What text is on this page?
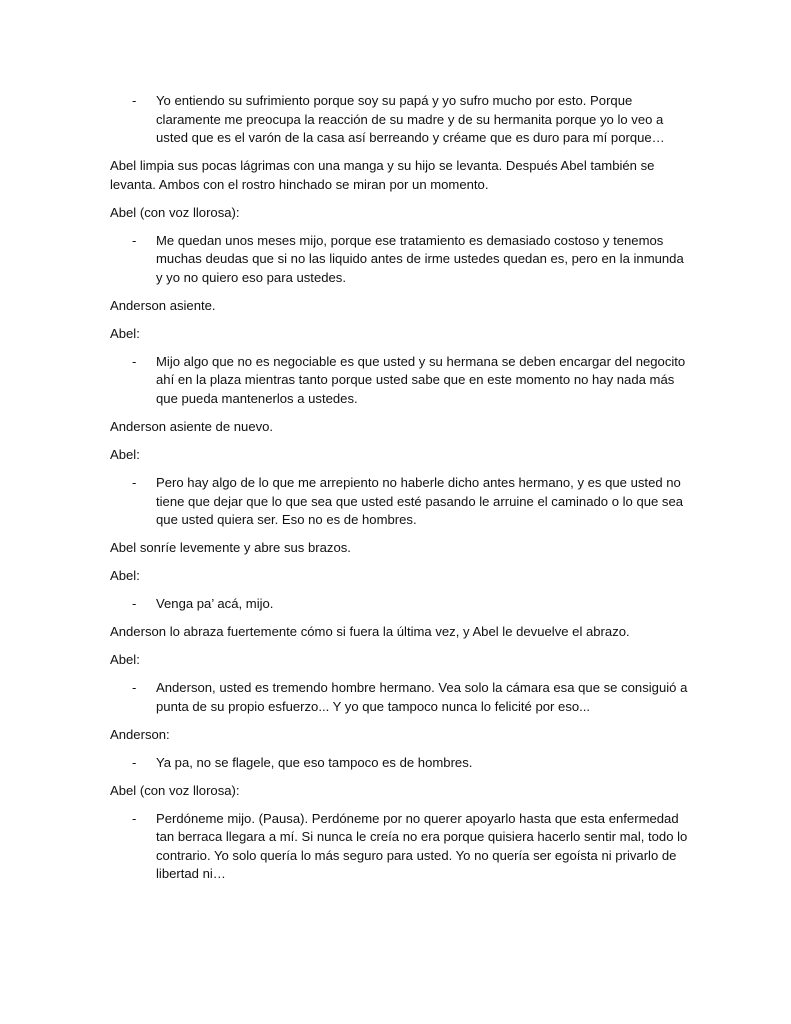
- Yo entiendo su sufrimiento porque soy su papá y yo sufro mucho por esto. Porque claramente me preocupa la reacción de su madre y de su hermanita porque yo lo veo a usted que es el varón de la casa así berreando y créame que es duro para mí porque…

Abel limpia sus pocas lágrimas con una manga y su hijo se levanta. Después Abel también se levanta. Ambos con el rostro hinchado se miran por un momento.

Abel (con voz llorosa):

- Me quedan unos meses mijo, porque ese tratamiento es demasiado costoso y tenemos muchas deudas que si no las liquido antes de irme ustedes quedan es, pero en la inmunda y yo no quiero eso para ustedes.

Anderson asiente.

Abel:

- Mijo algo que no es negociable es que usted y su hermana se deben encargar del negocito ahí en la plaza mientras tanto porque usted sabe que en este momento no hay nada más que pueda mantenerlos a ustedes.

Anderson asiente de nuevo.

Abel:

- Pero hay algo de lo que me arrepiento no haberle dicho antes hermano, y es que usted no tiene que dejar que lo que sea que usted esté pasando le arruine el caminado o lo que sea que usted quiera ser. Eso no es de hombres.

Abel sonríe levemente y abre sus brazos.

Abel:

- Venga pa’ acá, mijo.

Anderson lo abraza fuertemente cómo si fuera la última vez, y Abel le devuelve el abrazo.

Abel:

- Anderson, usted es tremendo hombre hermano. Vea solo la cámara esa que se consiguió a punta de su propio esfuerzo... Y yo que tampoco nunca lo felicité por eso...

Anderson:

- Ya pa, no se flagele, que eso tampoco es de hombres.

Abel (con voz llorosa):

- Perdóneme mijo. (Pausa). Perdóneme por no querer apoyarlo hasta que esta enfermedad tan berraca llegara a mí. Si nunca le creía no era porque quisiera hacerlo sentir mal, todo lo contrario. Yo solo quería lo más seguro para usted. Yo no quería ser egoísta ni privarlo de libertad ni…
